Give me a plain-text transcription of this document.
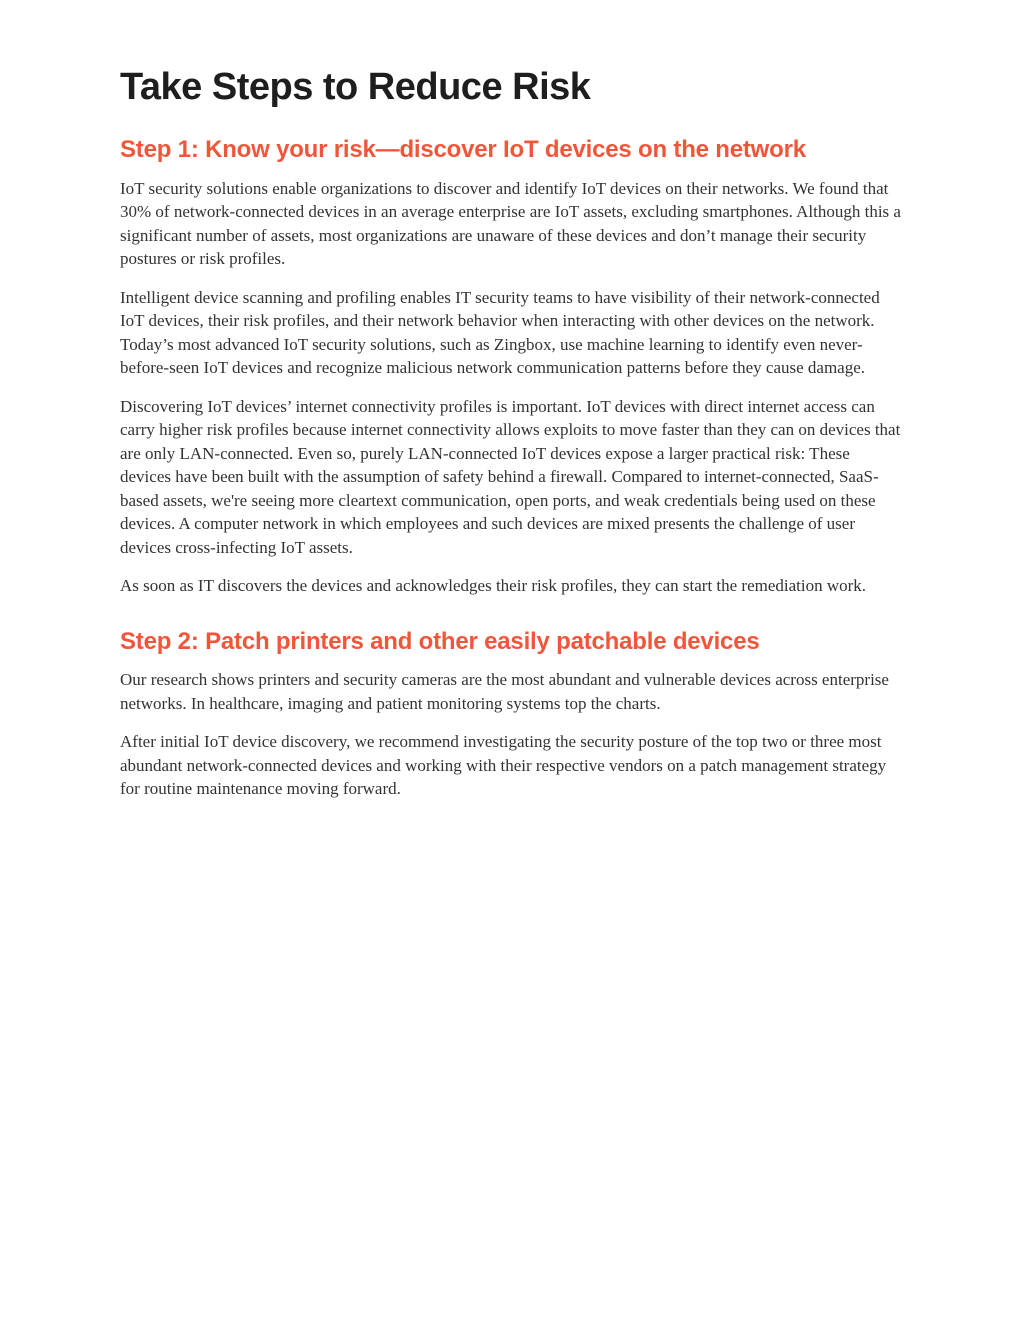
Take Steps to Reduce Risk
Step 1: Know your risk—discover IoT devices on the network

IoT security solutions enable organizations to discover and identify IoT devices on their networks. We found that 30% of network-connected devices in an average enterprise are IoT assets, excluding smartphones. Although this a significant number of assets, most organizations are unaware of these devices and don’t manage their security postures or risk profiles.

Intelligent device scanning and profiling enables IT security teams to have visibility of their network-connected IoT devices, their risk profiles, and their network behavior when interacting with other devices on the network. Today’s most advanced IoT security solutions, such as Zingbox, use machine learning to identify even never-before-seen IoT devices and recognize malicious network communication patterns before they cause damage.

Discovering IoT devices’ internet connectivity profiles is important. IoT devices with direct internet access can carry higher risk profiles because internet connectivity allows exploits to move faster than they can on devices that are only LAN-connected. Even so, purely LAN-connected IoT devices expose a larger practical risk: These devices have been built with the assumption of safety behind a firewall. Compared to internet-connected, SaaS-based assets, we're seeing more cleartext communication, open ports, and weak credentials being used on these devices. A computer network in which employees and such devices are mixed presents the challenge of user devices cross-infecting IoT assets.

As soon as IT discovers the devices and acknowledges their risk profiles, they can start the remediation work.

Step 2: Patch printers and other easily patchable devices

Our research shows printers and security cameras are the most abundant and vulnerable devices across enterprise networks. In healthcare, imaging and patient monitoring systems top the charts.

After initial IoT device discovery, we recommend investigating the security posture of the top two or three most abundant network-connected devices and working with their respective vendors on a patch management strategy for routine maintenance moving forward.
